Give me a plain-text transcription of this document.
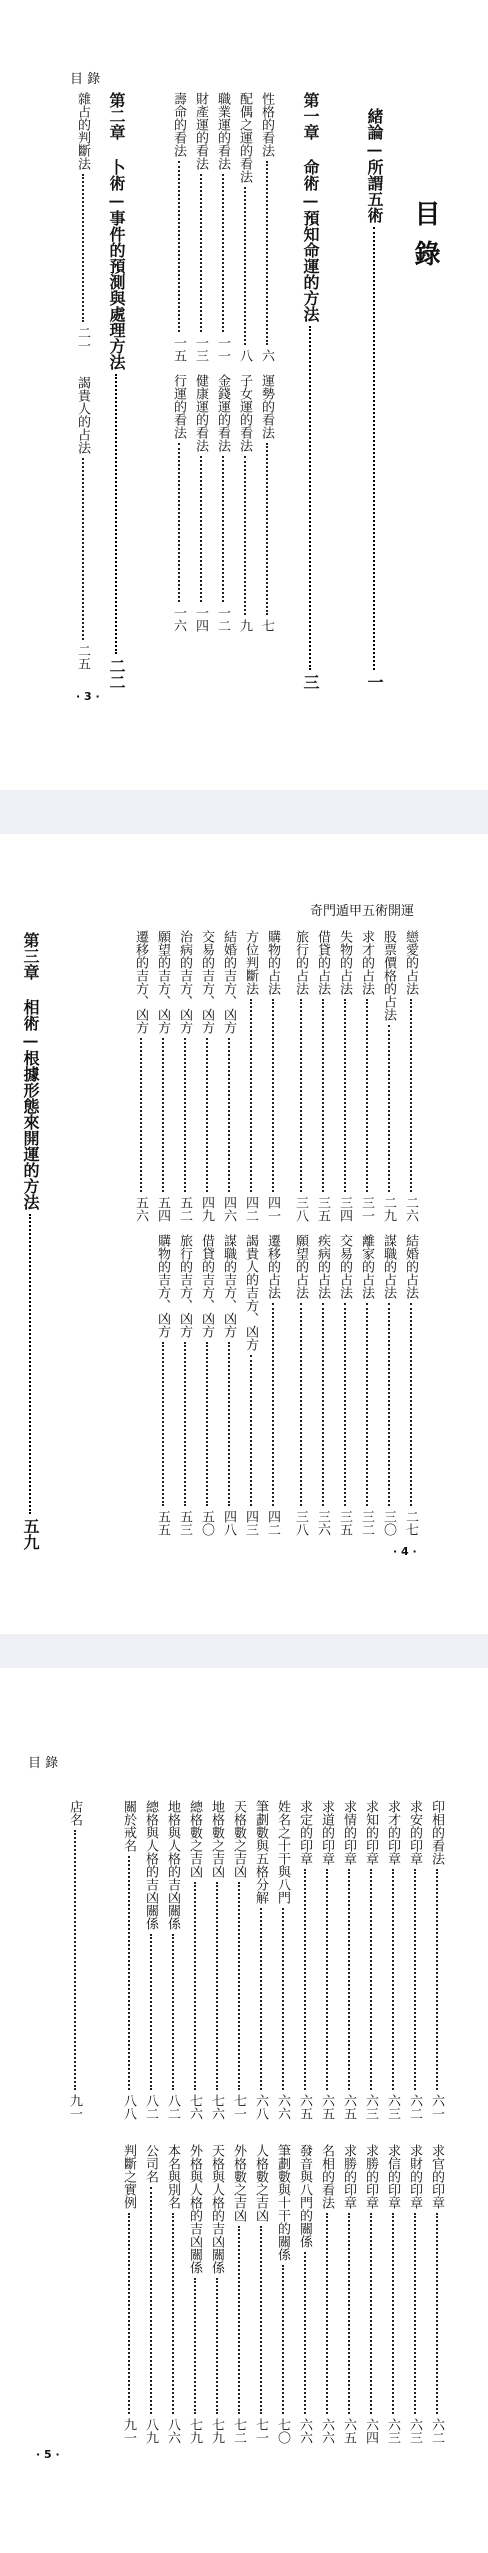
目 錄
目錄
緒論—所謂五術
一
第一章 命術—預知命運的方法
三
第二章 卜術—事件的預測與處理方法
二二
性格的看法
六
運勢的看法
七
配偶之運的看法
八
子女運的看法
九
職業運的看法
一一
金錢運的看法
一二
財產運的看法
一三
健康運的看法
一四
壽命的看法
一五
行運的看法
一六
雜占的判斷法
二一
謁貴人的占法
二五
· 3 ·
奇門遁甲五術開運
戀愛的占法
二六
結婚的占法
二七
股票價格的占法
二九
謀職的占法
三〇
求才的占法
三一
離家的占法
三二
失物的占法
三四
交易的占法
三五
借貸的占法
三五
疾病的占法
三六
旅行的占法
三八
願望的占法
三八
購物的占法
四一
遷移的占法
四二
方位判斷法
四二
謁貴人的吉方、凶方
四三
結婚的吉方、凶方
四六
謀職的吉方、凶方
四八
交易的吉方、凶方
四九
借貸的吉方、凶方
五〇
治病的吉方、凶方
五二
旅行的吉方、凶方
五三
願望的吉方、凶方
五四
購物的吉方、凶方
五五
遷移的吉方、凶方
五六
第三章 相術—根據形態來開運的方法
五九
· 4 ·
目 錄
印相的看法
六一
求官的印章
六二
求安的印章
六二
求財的印章
六三
求才的印章
六三
求信的印章
六三
求知的印章
六三
求勝的印章
六四
求情的印章
六五
求勝的印章
六五
求道的印章
六五
名相的看法
六六
求定的印章
六五
發音與八門的關係
六六
姓名之十干與八門
六六
筆劃數與十干的關係
七〇
筆劃數與五格分解
六八
人格數之吉凶
七一
天格數之吉凶
七一
外格數之吉凶
七二
地格數之吉凶
七六
天格與人格的吉凶關係
七九
總格數之吉凶
七六
外格與人格的吉凶關係
七九
地格與人格的吉凶關係
八二
本名與別名
八六
總格與人格的吉凶關係
八二
公司名
八九
關於戒名
八八
判斷之實例
九一
店名
九一
· 5 ·
